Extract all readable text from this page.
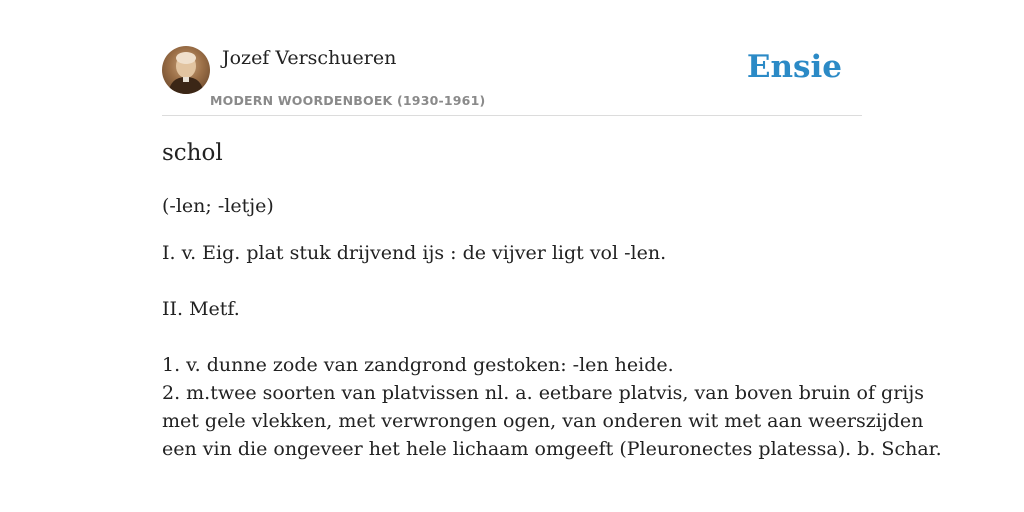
Jozef Verschueren
MODERN WOORDENBOEK (1930-1961)
Ensie
schol
(-len; -letje)
I. v. Eig. plat stuk drijvend ijs : de vijver ligt vol -len.
II. Metf.
1. v. dunne zode van zandgrond gestoken: -len heide.
2. m.twee soorten van platvissen nl. a. eetbare platvis, van boven bruin of grijs
met gele vlekken, met verwrongen ogen, van onderen wit met aan weerszijden
een vin die ongeveer het hele lichaam omgeeft (Pleuronectes platessa). b. Schar.
